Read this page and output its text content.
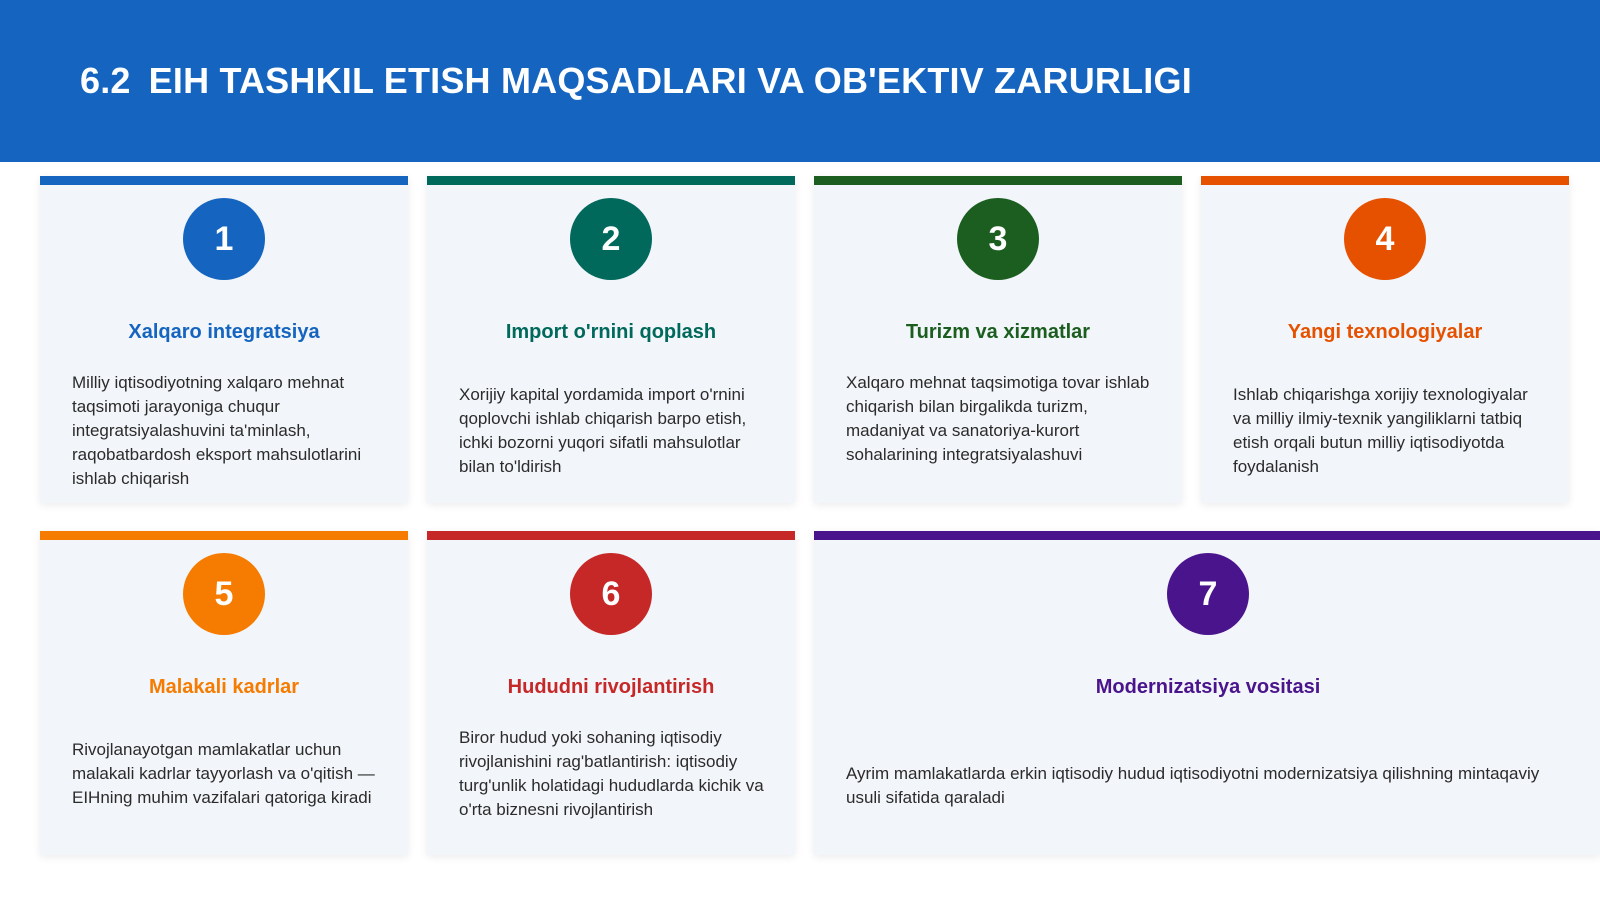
6.2 EIH TASHKIL ETISH MAQSADLARI VA OB'EKTIV ZARURLIGI
1
Xalqaro integratsiya

Milliy iqtisodiyotning xalqaro mehnat taqsimoti jarayoniga chuqur integratsiyalashuvini ta'minlash, raqobatbardosh eksport mahsulotlarini ishlab chiqarish

2
Import o'rnini qoplash

Xorijiy kapital yordamida import o'rnini qoplovchi ishlab chiqarish barpo etish, ichki bozorni yuqori sifatli mahsulotlar bilan to'ldirish

3
Turizm va xizmatlar

Xalqaro mehnat taqsimotiga tovar ishlab chiqarish bilan birgalikda turizm, madaniyat va sanatoriya-kurort sohalarining integratsiyalashuvi

4
Yangi texnologiyalar

Ishlab chiqarishga xorijiy texnologiyalar va milliy ilmiy-texnik yangiliklarni tatbiq etish orqali butun milliy iqtisodiyotda foydalanish

5
Malakali kadrlar

Rivojlanayotgan mamlakatlar uchun malakali kadrlar tayyorlash va o'qitish — EIHning muhim vazifalari qatoriga kiradi

6
Hududni rivojlantirish

Biror hudud yoki sohaning iqtisodiy rivojlanishini rag'batlantirish: iqtisodiy turg'unlik holatidagi hududlarda kichik va o'rta biznesni rivojlantirish

7
Modernizatsiya vositasi

Ayrim mamlakatlarda erkin iqtisodiy hudud iqtisodiyotni modernizatsiya qilishning mintaqaviy usuli sifatida qaraladi
